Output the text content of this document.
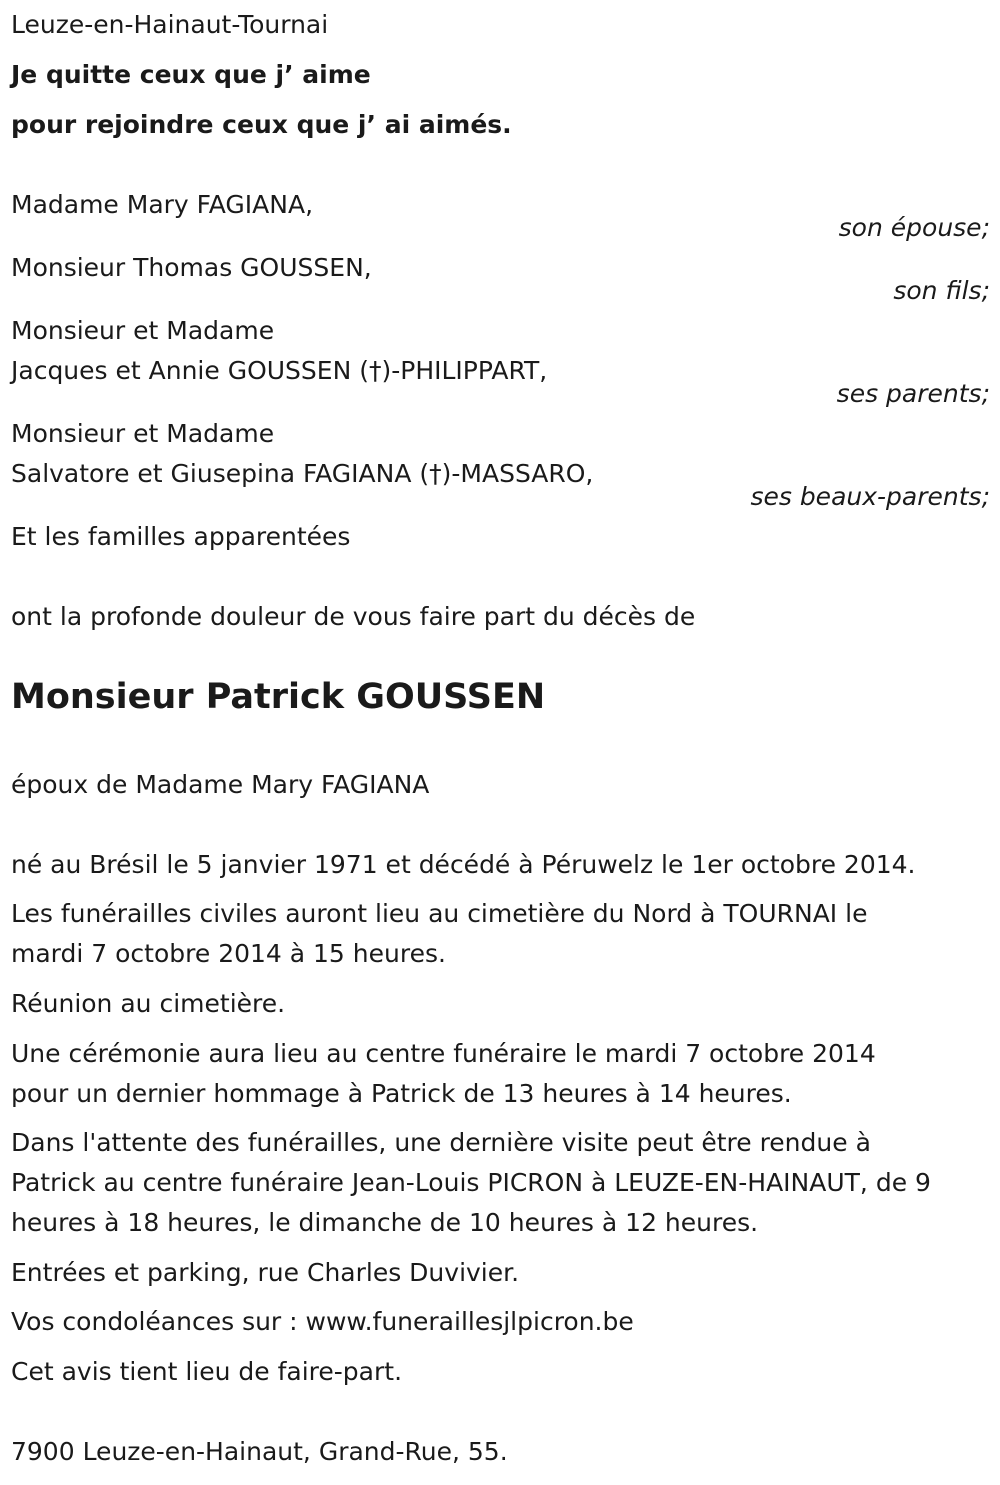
Leuze-en-Hainaut-Tournai
Je quitte ceux que j’ aime
pour rejoindre ceux que j’ ai aimés.
Madame Mary FAGIANA,
son épouse;
Monsieur Thomas GOUSSEN,
son fils;
Monsieur et Madame
Jacques et Annie GOUSSEN (†)-PHILIPPART,
ses parents;
Monsieur et Madame
Salvatore et Giusepina FAGIANA (†)-MASSARO,
ses beaux-parents;
Et les familles apparentées
ont la profonde douleur de vous faire part du décès de
Monsieur Patrick GOUSSEN
époux de Madame Mary FAGIANA
né au Brésil le 5 janvier 1971 et décédé à Péruwelz le 1er octobre 2014.
Les funérailles civiles auront lieu au cimetière du Nord à TOURNAI le
mardi 7 octobre 2014 à 15 heures.
Réunion au cimetière.
Une cérémonie aura lieu au centre funéraire le mardi 7 octobre 2014
pour un dernier hommage à Patrick de 13 heures à 14 heures.
Dans l'attente des funérailles, une dernière visite peut être rendue à
Patrick au centre funéraire Jean-Louis PICRON à LEUZE-EN-HAINAUT, de 9
heures à 18 heures, le dimanche de 10 heures à 12 heures.
Entrées et parking, rue Charles Duvivier.
Vos condoléances sur : www.funeraillesjlpicron.be
Cet avis tient lieu de faire-part.
7900 Leuze-en-Hainaut, Grand-Rue, 55.
